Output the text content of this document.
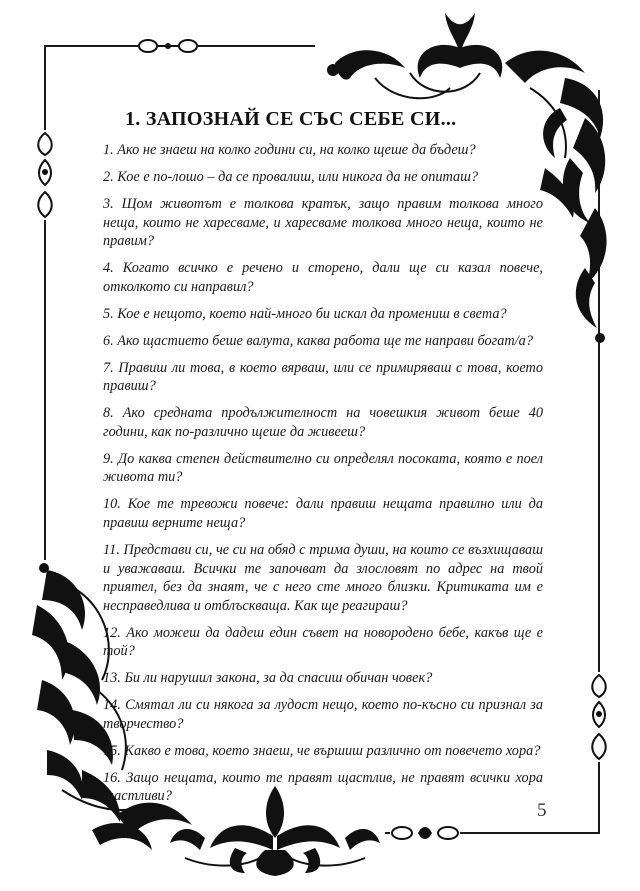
1. ЗАПОЗНАЙ СЕ СЪС СЕБЕ СИ...

1. Ако не знаеш на колко години си, на колко щеше да бъдеш?

2. Кое е по-лошо – да се провалиш, или никога да не опиташ?

3. Щом животът е толкова кратък, защо правим толкова много неща, които не харесваме, и харесваме толкова много неща, които не правим?

4. Когато всичко е речено и сторено, дали ще си казал повече, отколкото си направил?

5. Кое е нещото, което най-много би искал да промениш в света?

6. Ако щастието беше валута, каква работа ще те направи богат/а?

7. Правиш ли това, в което вярваш, или се примиряваш с това, което правиш?

8. Ако средната продължителност на човешкия живот беше 40 години, как по-различно щеше да живееш?

9. До каква степен действително си определял посоката, която е поел живота ти?

10. Кое те тревожи повече: дали правиш нещата правилно или да правиш верните неща?

11. Представи си, че си на обяд с трима души, на които се възхищаваш и уважаваш. Всички те започват да злословят по адрес на твой приятел, без да знаят, че с него сте много близки. Критиката им е несправедлива и отблъскваща. Как ще реагираш?

12. Ако можеш да дадеш един съвет на новородено бебе, какъв ще е той?

13. Би ли нарушил закона, за да спасиш обичан човек?

14. Смятал ли си някога за лудост нещо, което по-късно си признал за творчество?

15. Какво е това, което знаеш, че вършиш различно от повечето хора?

16. Защо нещата, които те правят щастлив, не правят всички хора щастливи?

5
